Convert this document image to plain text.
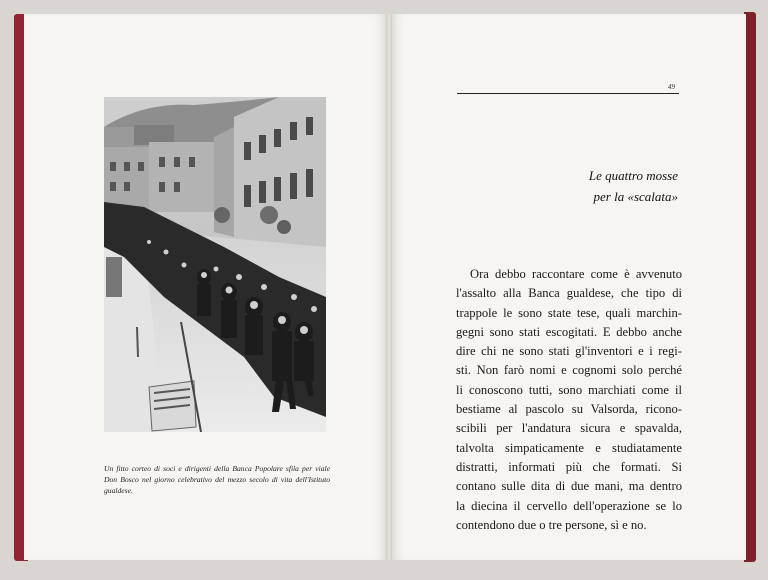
Un fitto corteo di soci e dirigenti della Banca Popolare sfila per viale Don Bosco nel giorno celebrativo del mezzo secolo di vita dell'Istituto gualdese.
49
Le quattro mosse
per la «scalata»
Ora debbo raccontare come è avvenuto
l'assalto alla Banca gualdese, che tipo di
trappole le sono state tese, quali marchin-
gegni sono stati escogitati. E debbo anche
dire chi ne sono stati gl'inventori e i regi-
sti. Non farò nomi e cognomi solo perché
li conoscono tutti, sono marchiati come il
bestiame al pascolo su Valsorda, ricono-
scibili per l'andatura sicura e spavalda,
talvolta simpaticamente e studiatamente
distratti, informati più che formati. Si
contano sulle dita di due mani, ma dentro
la diecina il cervello dell'operazione se lo
contendono due o tre persone, sì e no.
